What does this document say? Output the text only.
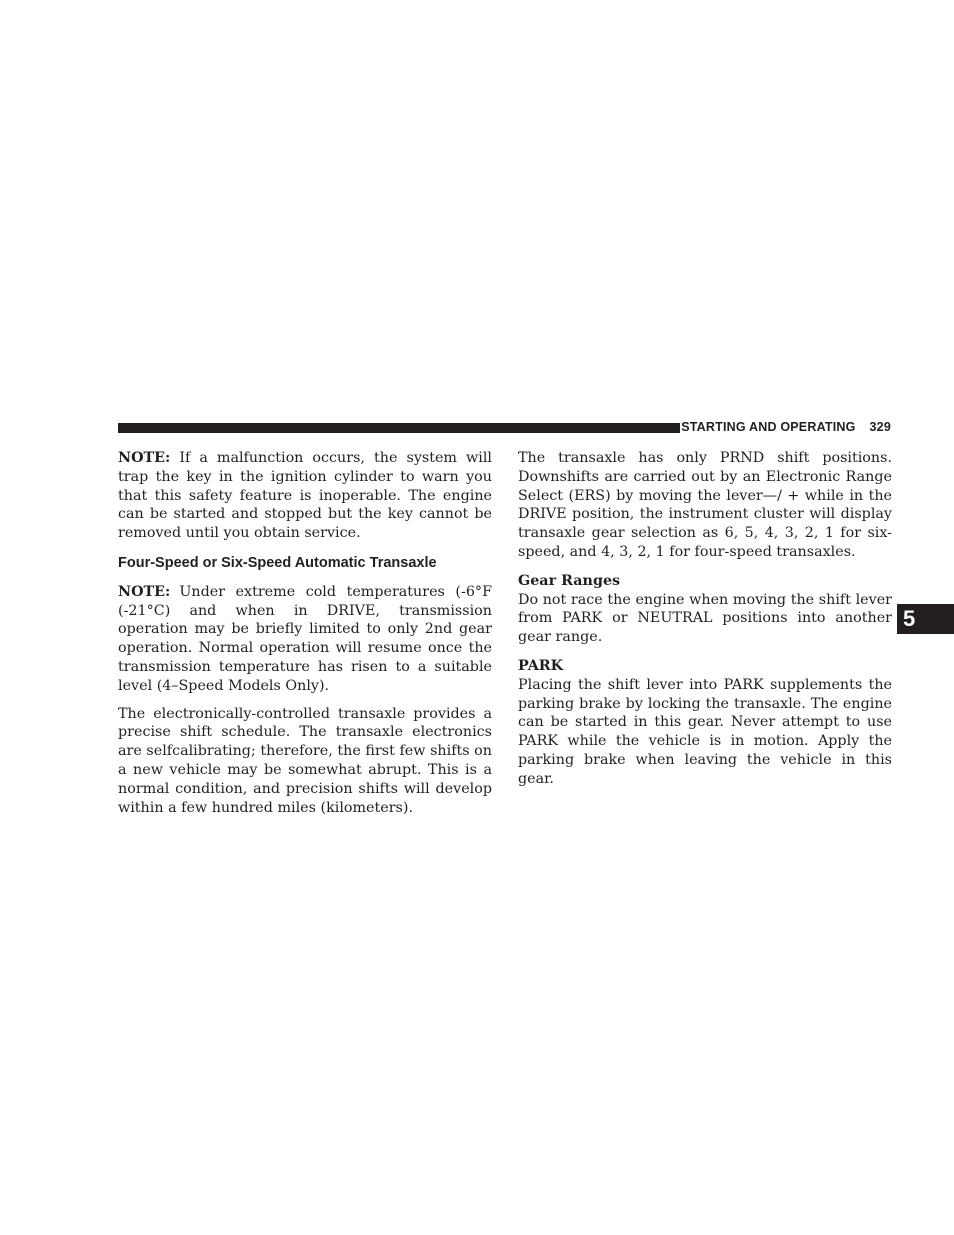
STARTING AND OPERATING 329

NOTE: If a malfunction occurs, the system will trap the key in the ignition cylinder to warn you that this safety feature is inoperable. The engine can be started and stopped but the key cannot be removed until you obtain service.

Four-Speed or Six-Speed Automatic Transaxle

NOTE: Under extreme cold temperatures (-6°F (-21°C) and when in DRIVE, transmission operation may be briefly limited to only 2nd gear operation. Normal operation will resume once the transmission temperature has risen to a suitable level (4–Speed Models Only).

The electronically-controlled transaxle provides a precise shift schedule. The transaxle electronics are selfcalibrating; therefore, the first few shifts on a new vehicle may be somewhat abrupt. This is a normal condition, and precision shifts will develop within a few hundred miles (kilometers).

The transaxle has only PRND shift positions. Downshifts are carried out by an Electronic Range Select (ERS) by moving the lever—/ + while in the DRIVE position, the instrument cluster will display transaxle gear selection as 6, 5, 4, 3, 2, 1 for six-speed, and 4, 3, 2, 1 for four-speed transaxles.

Gear Ranges

Do not race the engine when moving the shift lever from PARK or NEUTRAL positions into another gear range.

PARK

Placing the shift lever into PARK supplements the parking brake by locking the transaxle. The engine can be started in this gear. Never attempt to use PARK while the vehicle is in motion. Apply the parking brake when leaving the vehicle in this gear.

5
